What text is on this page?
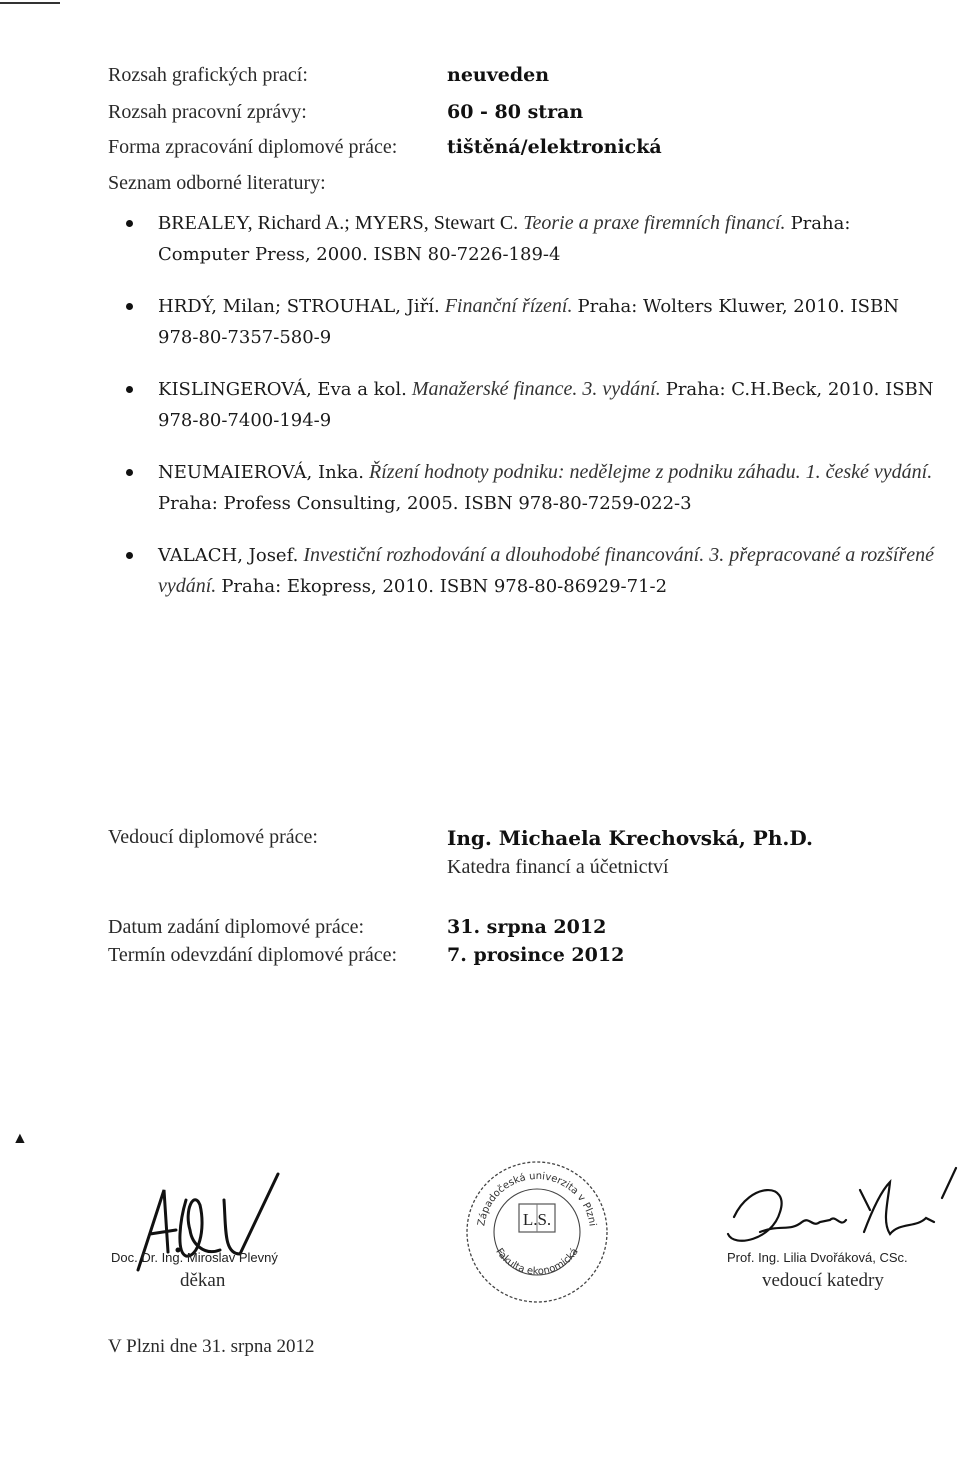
Rozsah grafických prací:	neuveden
Rozsah pracovní zprávy:	60 - 80 stran
Forma zpracování diplomové práce:	tištěná/elektronická
Seznam odborné literatury:
BREALEY, Richard A.; MYERS, Stewart C. Teorie a praxe firemních financí. Praha: Computer Press, 2000. ISBN 80-7226-189-4
HRDÝ, Milan; STROUHAL, Jiří. Finanční řízení. Praha: Wolters Kluwer, 2010. ISBN 978-80-7357-580-9
KISLINGEROVÁ, Eva a kol. Manažerské finance. 3. vydání. Praha: C.H.Beck, 2010. ISBN 978-80-7400-194-9
NEUMAIEROVÁ, Inka. Řízení hodnoty podniku: nedělejme z podniku záhadu. 1. české vydání. Praha: Profess Consulting, 2005. ISBN 978-80-7259-022-3
VALACH, Josef. Investiční rozhodování a dlouhodobé financování. 3. přepracované a rozšířené vydání. Praha: Ekopress, 2010. ISBN 978-80-86929-71-2
Vedoucí diplomové práce:	Ing. Michaela Krechovská, Ph.D.
Katedra financí a účetnictví
Datum zadání diplomové práce:	31. srpna 2012
Termín odevzdání diplomové práce:	7. prosince 2012
▲
Doc. Dr. Ing. Miroslav Plevný
děkan
Západočeská univerzita v Plzni
Fakulta ekonomická
L.S.
Prof. Ing. Lilia Dvořáková, CSc.
vedoucí katedry
V Plzni dne 31. srpna 2012
